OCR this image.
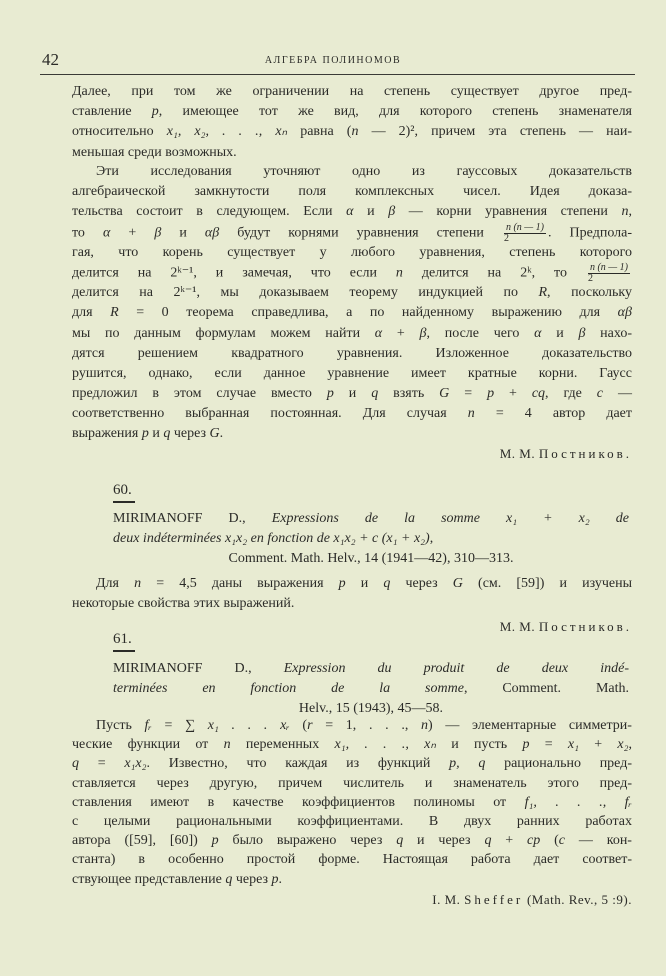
42	АЛГЕБРА ПОЛИНОМОВ
Далее, при том же ограничении на степень существует другое пред-
ставление p, имеющее тот же вид, для которого степень знаменателя
относительно x₁, x₂, . . ., xₙ равна (n — 2)², причем эта степень — наи-
меньшая среди возможных.
Эти исследования уточняют одно из гауссовых доказательств
алгебраической замкнутости поля комплексных чисел. Идея доказа-
тельства состоит в следующем. Если α и β — корни уравнения степени n,
то α + β и αβ будут корнями уравнения степени $\frac{n (n — 1)}{2}$ . Предпола-
гая, что корень существует у любого уравнения, степень которого
делится на 2ᵏ⁻¹, и замечая, что если n делится на 2ᵏ, то $\frac{n (n — 1)}{2}$
делится на 2ᵏ⁻¹, мы доказываем теорему индукцией по R, поскольку
для R = 0 теорема справедлива, а по найденному выражению для αβ
мы по данным формулам можем найти α + β, после чего α и β нахо-
дятся решением квадратного уравнения. Изложенное доказательство
рушится, однако, если данное уравнение имеет кратные корни. Гаусс
предложил в этом случае вместо p и q взять G = p + cq, где c —
соответственно выбранная постоянная. Для случая n = 4 автор дает
выражения p и q через G.
М. М. Постников.
60.
MIRIMANOFF D., Expressions de la somme x₁ + x₂ de
deux indéterminées x₁x₂ en fonction de x₁x₂ + c (x₁ + x₂),
Comment. Math. Helv., 14 (1941—42), 310—313.
Для n = 4,5 даны выражения p и q через G (см. [59]) и изучены
некоторые свойства этих выражений.
М. М. Постников.
61.
MIRIMANOFF D., Expression du produit de deux indé-
terminées en fonction de la somme, Comment. Math.
Helv., 15 (1943), 45—58.
Пусть fᵣ = ∑ x₁ . . . xᵣ (r = 1, . . ., n) — элементарные симметри-
ческие функции от n переменных x₁, . . ., xₙ и пусть p = x₁ + x₂,
q = x₁x₂. Известно, что каждая из функций p, q рационально пред-
ставляется через другую, причем числитель и знаменатель этого пред-
ставления имеют в качестве коэффициентов полиномы от f₁, . . ., fᵣ
с целыми рациональными коэффициентами. В двух ранних работах
автора ([59], [60]) p было выражено через q и через q + cp (c — кон-
станта) в особенно простой форме. Настоящая работа дает соответ-
ствующее представление q через p.
I. M. Sheffer (Math. Rev., 5 :9).
